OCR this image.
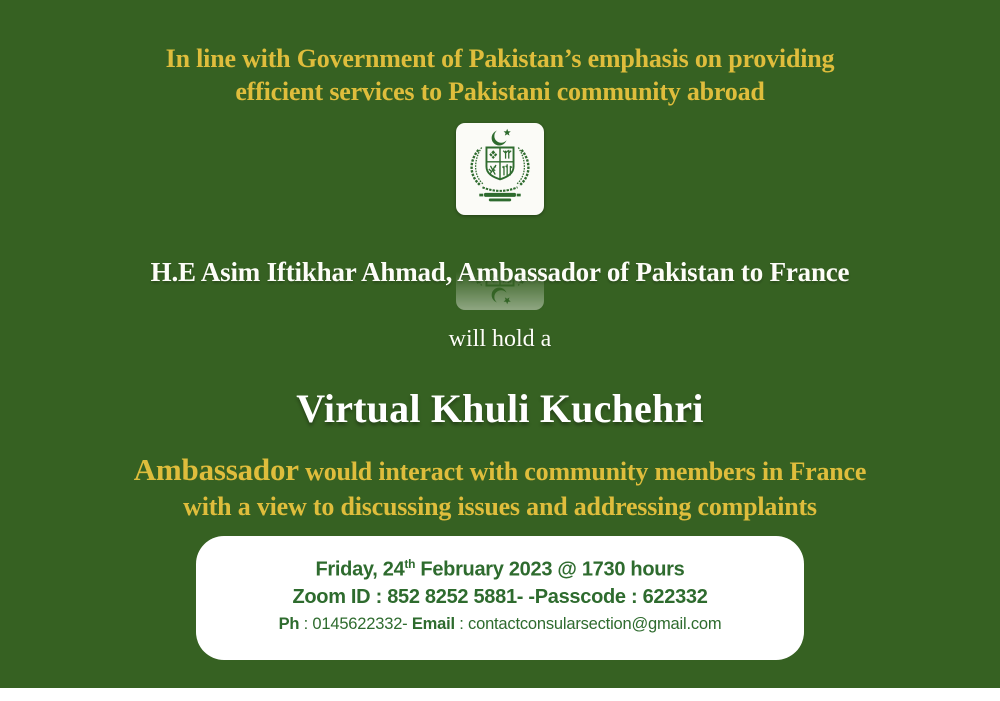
In line with Government of Pakistan’s emphasis on providing
efficient services to Pakistani community abroad
H.E Asim Iftikhar Ahmad, Ambassador of Pakistan to France
will hold a
Virtual Khuli Kuchehri
Ambassador would interact with community members in France
with a view to discussing issues and addressing complaints
Friday, 24th February 2023 @ 1730 hours
Zoom ID : 852 8252 5881- -Passcode : 622332
Ph : 0145622332- Email : contactconsularsection@gmail.com
